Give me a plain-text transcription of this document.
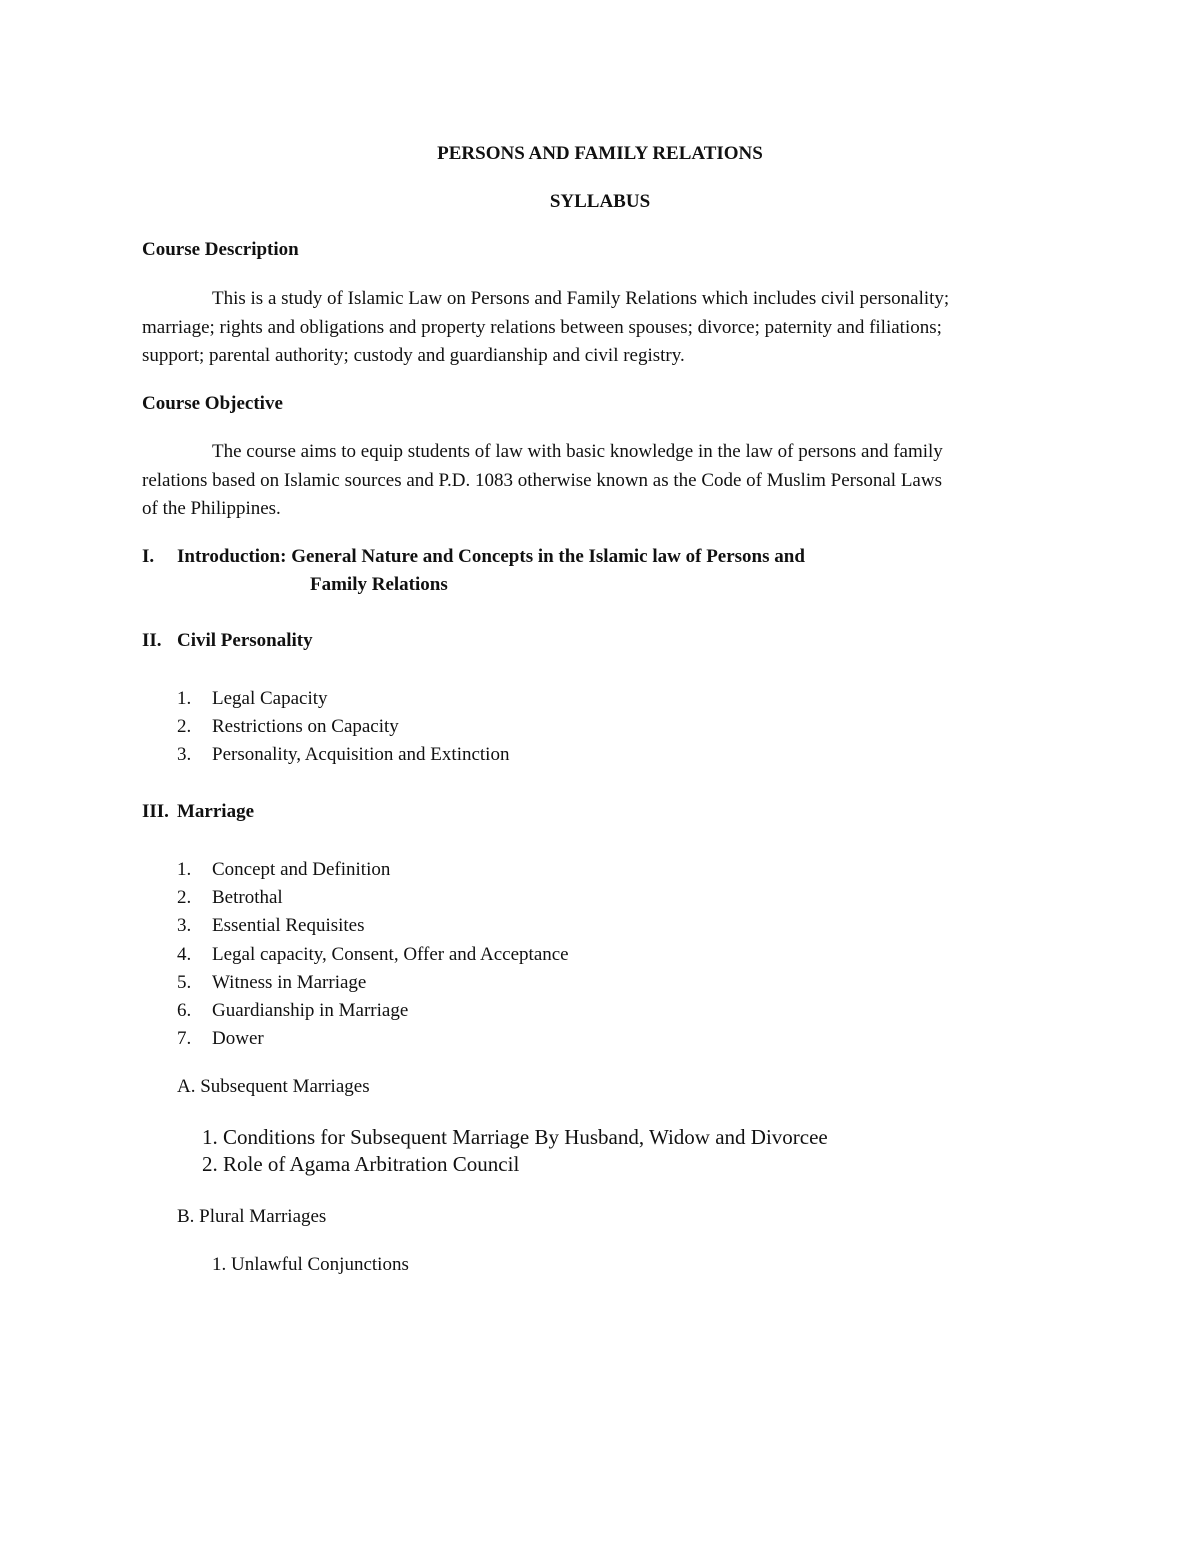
PERSONS AND FAMILY RELATIONS
SYLLABUS
Course Description
This is a study of Islamic Law on Persons and Family Relations which includes civil personality;
marriage; rights and obligations and property relations between spouses; divorce; paternity and filiations;
support; parental authority; custody and guardianship and civil registry.
Course Objective
The course aims to equip students of law with basic knowledge in the law of persons and family
relations based on Islamic sources and P.D. 1083 otherwise known as the Code of Muslim Personal Laws
of the Philippines.
I. Introduction: General Nature and Concepts in the Islamic law of Persons and
Family Relations
II. Civil Personality
1. Legal Capacity
2. Restrictions on Capacity
3. Personality, Acquisition and Extinction
III. Marriage
1. Concept and Definition
2. Betrothal
3. Essential Requisites
4. Legal capacity, Consent, Offer and Acceptance
5. Witness in Marriage
6. Guardianship in Marriage
7. Dower
A. Subsequent Marriages
1. Conditions for Subsequent Marriage By Husband, Widow and Divorcee
2. Role of Agama Arbitration Council
B. Plural Marriages
1. Unlawful Conjunctions
